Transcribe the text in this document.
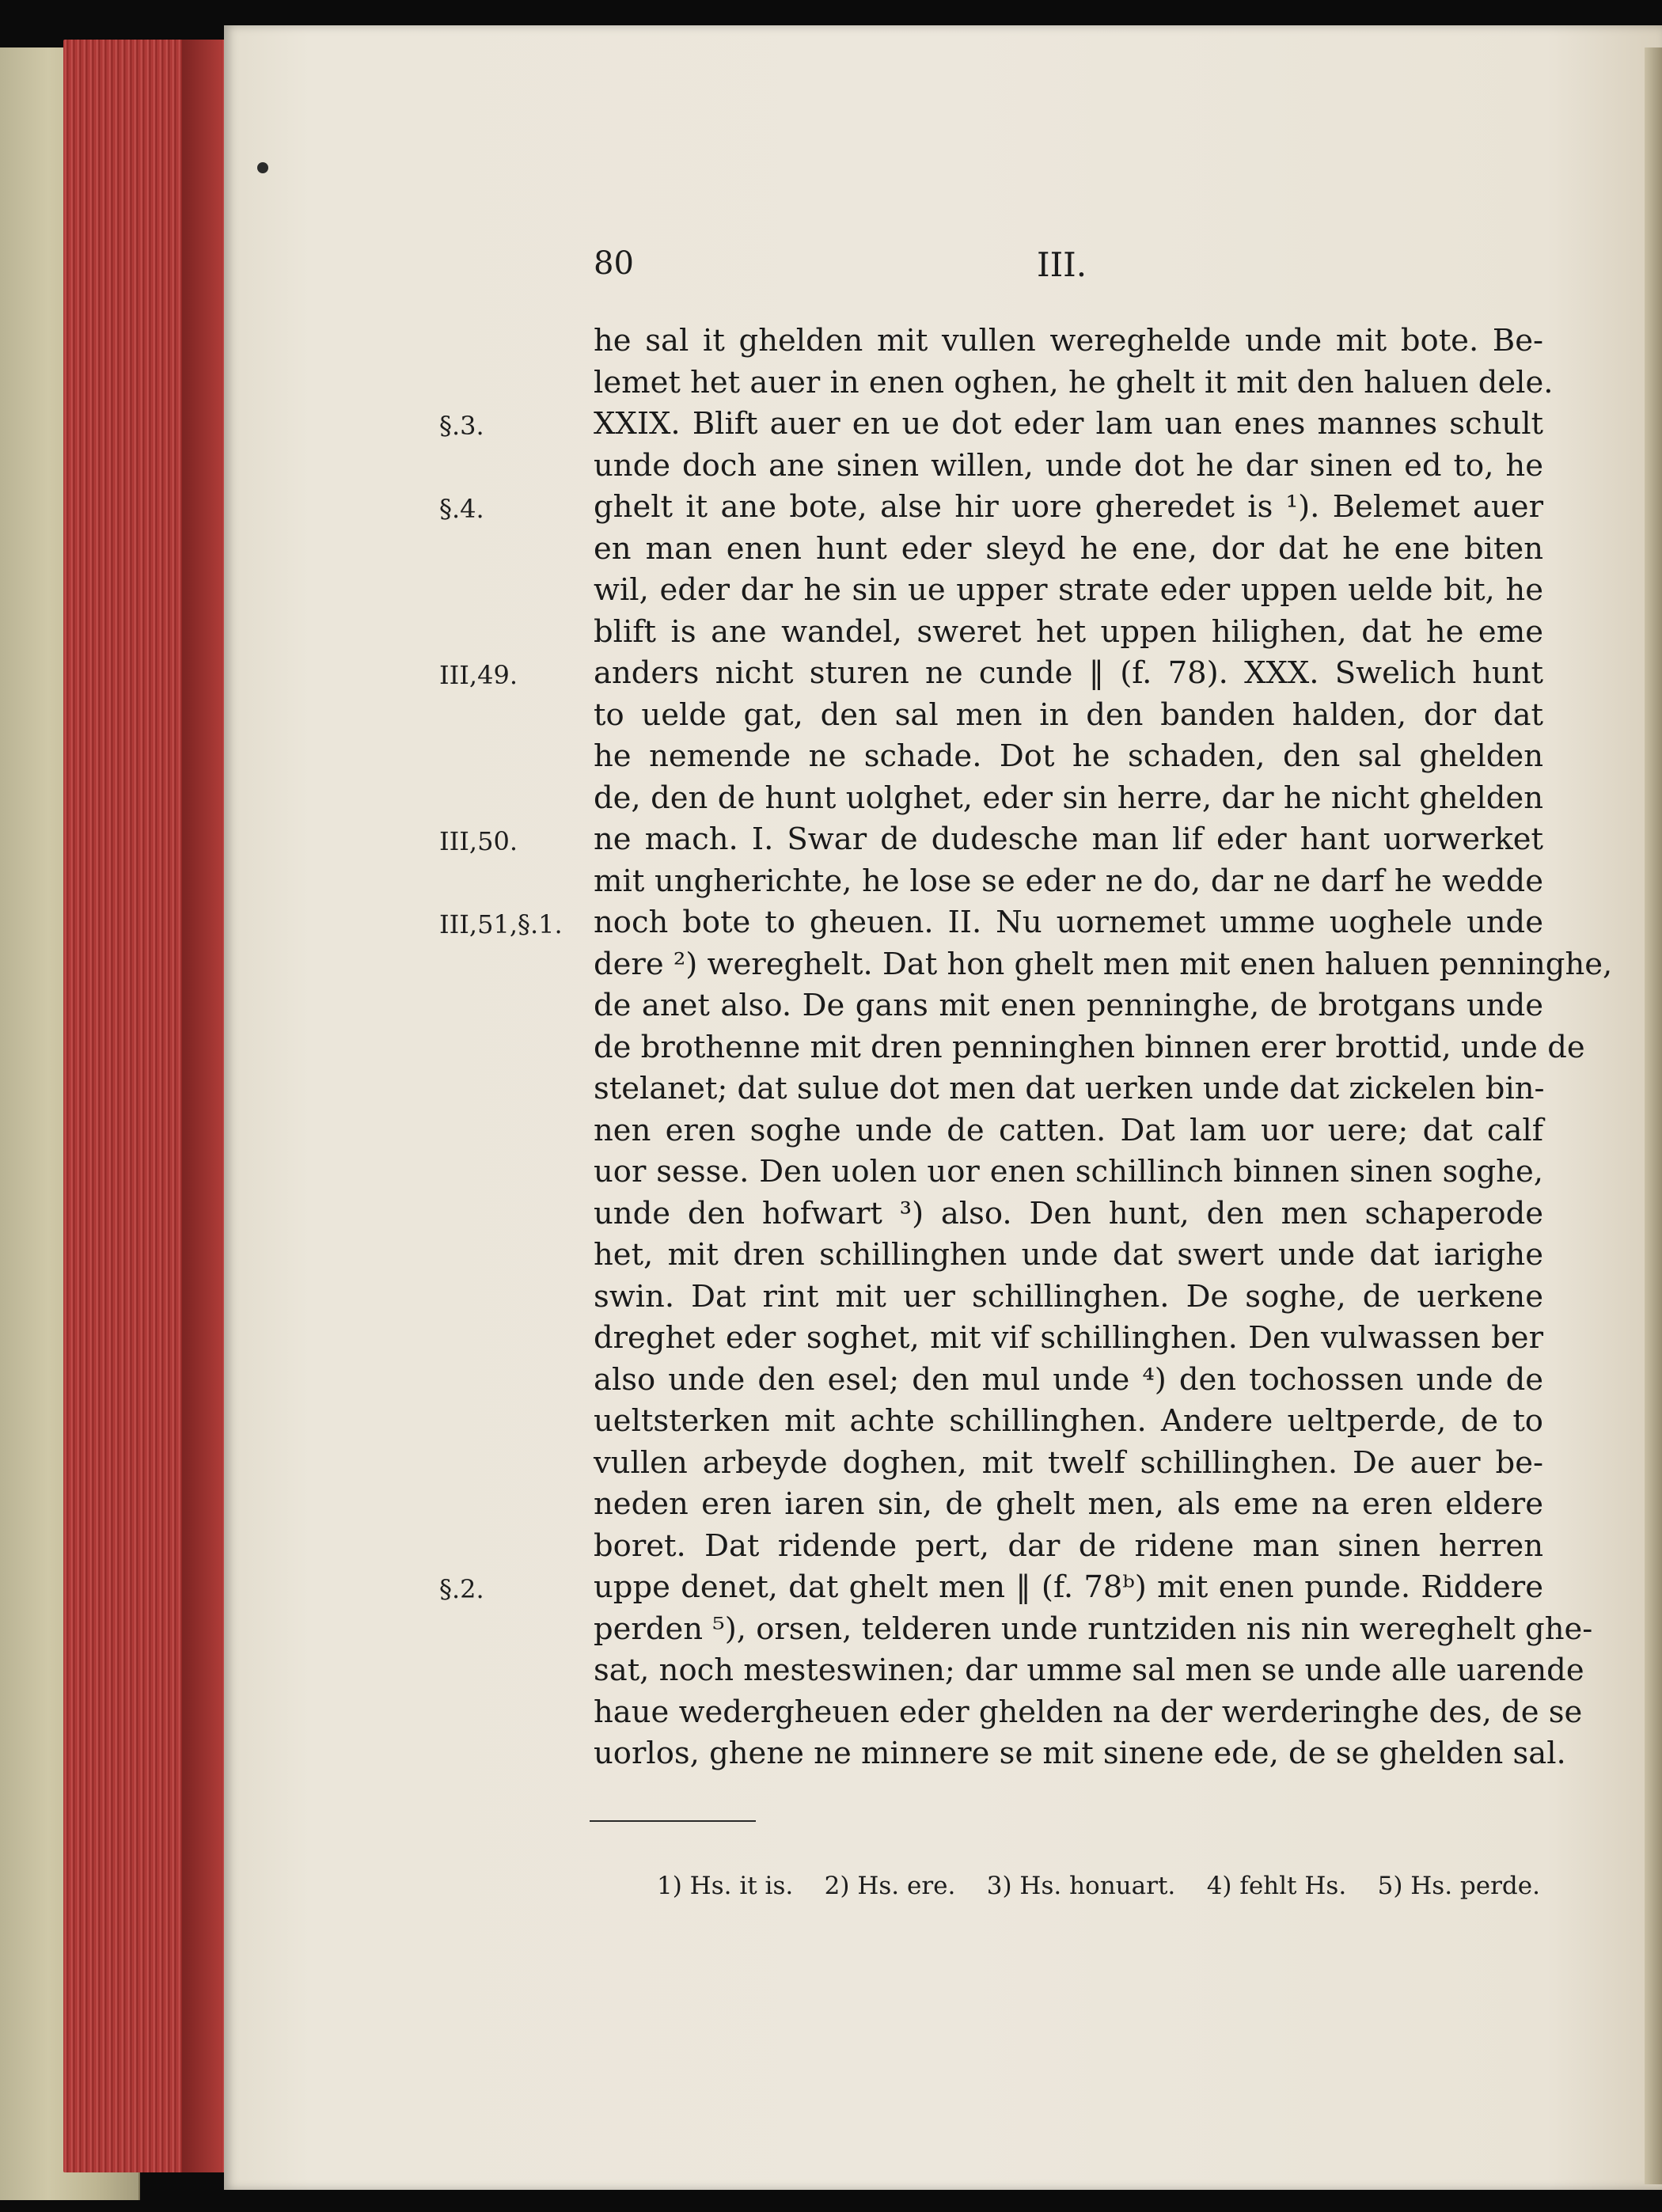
80	III.
§.3.
§.4.
III,49.
III,50.
III,51,§.1.
§.2.
he sal it ghelden mit vullen wereghelde unde mit bote. Be-
lemet het auer in enen oghen, he ghelt it mit den haluen dele.
XXIX. Blift auer en ue dot eder lam uan enes mannes schult
unde doch ane sinen willen, unde dot he dar sinen ed to, he
ghelt it ane bote, alse hir uore gheredet is ¹). Belemet auer
en man enen hunt eder sleyd he ene, dor dat he ene biten
wil, eder dar he sin ue upper strate eder uppen uelde bit, he
blift is ane wandel, sweret het uppen hilighen, dat he eme
anders nicht sturen ne cunde ‖ (f. 78). XXX. Swelich hunt
to uelde gat, den sal men in den banden halden, dor dat
he nemende ne schade. Dot he schaden, den sal ghelden
de, den de hunt uolghet, eder sin herre, dar he nicht ghelden
ne mach. I. Swar de dudesche man lif eder hant uorwerket
mit ungherichte, he lose se eder ne do, dar ne darf he wedde
noch bote to gheuen. II. Nu uornemet umme uoghele unde
dere ²) wereghelt. Dat hon ghelt men mit enen haluen penninghe,
de anet also. De gans mit enen penninghe, de brotgans unde
de brothenne mit dren penninghen binnen erer brottid, unde de
stelanet; dat sulue dot men dat uerken unde dat zickelen bin-
nen eren soghe unde de catten. Dat lam uor uere; dat calf
uor sesse. Den uolen uor enen schillinch binnen sinen soghe,
unde den hofwart ³) also. Den hunt, den men schaperode
het, mit dren schillinghen unde dat swert unde dat iarighe
swin. Dat rint mit uer schillinghen. De soghe, de uerkene
dreghet eder soghet, mit vif schillinghen. Den vulwassen ber
also unde den esel; den mul unde ⁴) den tochossen unde de
ueltsterken mit achte schillinghen. Andere ueltperde, de to
vullen arbeyde doghen, mit twelf schillinghen. De auer be-
neden eren iaren sin, de ghelt men, als eme na eren eldere
boret. Dat ridende pert, dar de ridene man sinen herren
uppe denet, dat ghelt men ‖ (f. 78ᵇ) mit enen punde. Riddere
perden ⁵), orsen, telderen unde runtziden nis nin wereghelt ghe-
sat, noch mesteswinen; dar umme sal men se unde alle uarende
haue wederghеuen eder ghelden na der werderinghe des, de se
uorlos, ghene ne minnere se mit sinene ede, de se ghelden sal.
1) Hs. it is. 2) Hs. ere. 3) Hs. honuart. 4) fehlt Hs. 5) Hs. perde.
